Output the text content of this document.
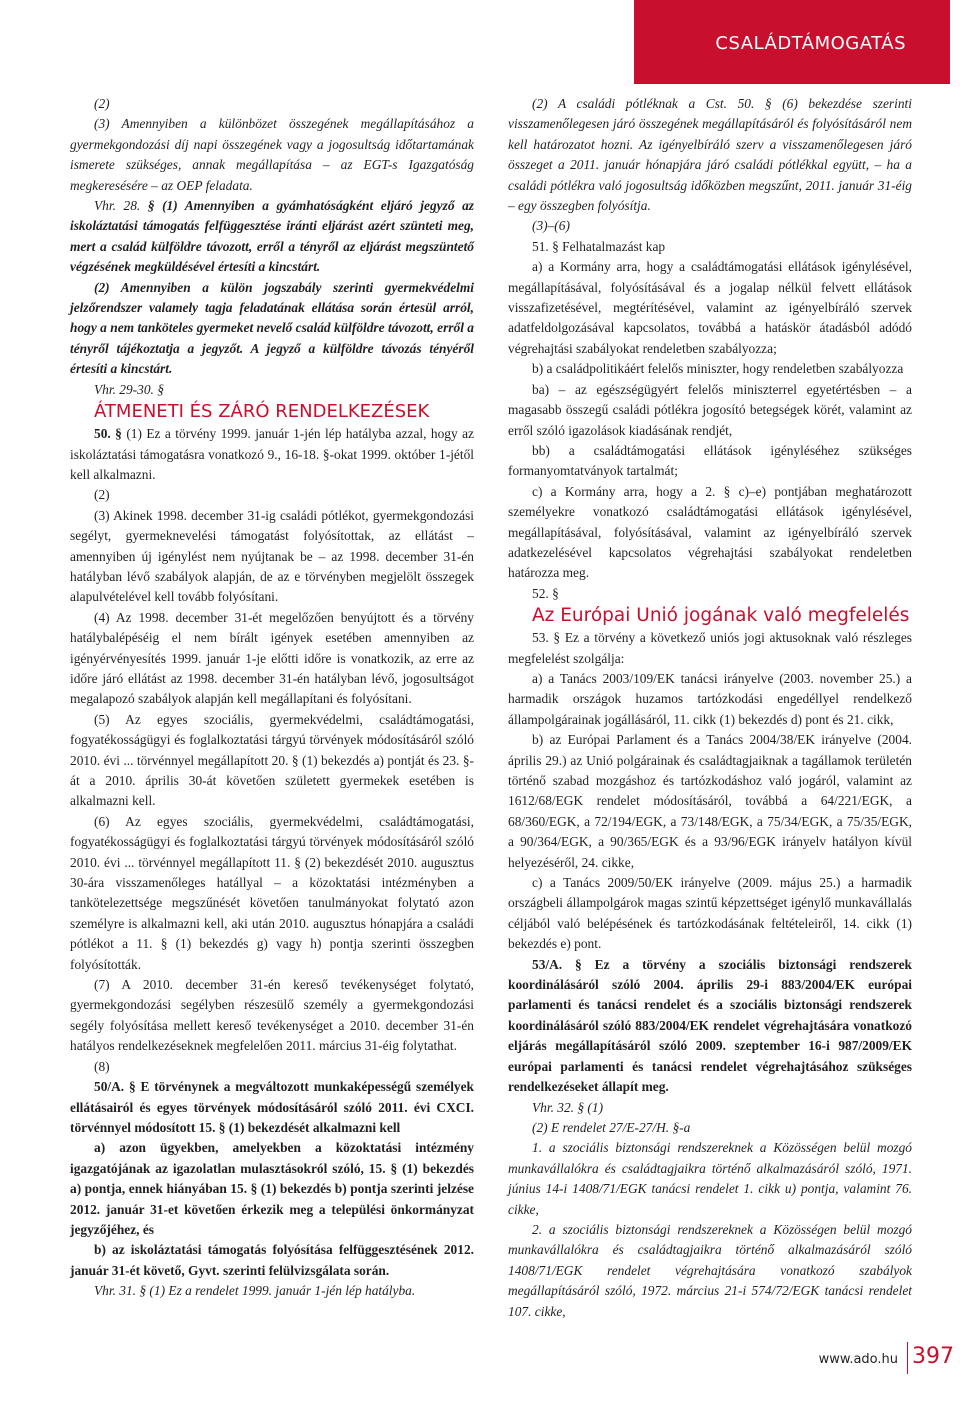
CSALÁDTÁMOGATÁS

(2)

(3) Amennyiben a különbözet összegének megállapításához a gyermekgondozási díj napi összegének vagy a jogosultság időtartamának ismerete szükséges, annak megállapítása – az EGT-s Igazgatóság megkeresésére – az OEP feladata.

Vhr. 28. § (1) Amennyiben a gyámhatóságként eljáró jegyző az iskoláztatási támogatás felfüggesztése iránti eljárást azért szünteti meg, mert a család külföldre távozott, erről a tényről az eljárást megszüntető végzésének megküldésével értesíti a kincstárt.

(2) Amennyiben a külön jogszabály szerinti gyermekvédelmi jelzőrendszer valamely tagja feladatának ellátása során értesül arról, hogy a nem tanköteles gyermeket nevelő család külföldre távozott, erről a tényről tájékoztatja a jegyzőt. A jegyző a külföldre távozás tényéről értesíti a kincstárt.

Vhr. 29-30. §

ÁTMENETI ÉS ZÁRÓ RENDELKEZÉSEK

50. § (1) Ez a törvény 1999. január 1-jén lép hatályba azzal, hogy az iskoláztatási támogatásra vonatkozó 9., 16-18. §-okat 1999. október 1-jétől kell alkalmazni.

(2)

(3) Akinek 1998. december 31-ig családi pótlékot, gyermekgondozási segélyt, gyermeknevelési támogatást folyósítottak, az ellátást – amennyiben új igénylést nem nyújtanak be – az 1998. december 31-én hatályban lévő szabályok alapján, de az e törvényben megjelölt összegek alapulvételével kell tovább folyósítani.

(4) Az 1998. december 31-ét megelőzően benyújtott és a törvény hatálybalépéséig el nem bírált igények esetében amennyiben az igényérvényesítés 1999. január 1-je előtti időre is vonatkozik, az erre az időre járó ellátást az 1998. december 31-én hatályban lévő, jogosultságot megalapozó szabályok alapján kell megállapítani és folyósítani.

(5) Az egyes szociális, gyermekvédelmi, családtámogatási, fogyatékosságügyi és foglalkoztatási tárgyú törvények módosításáról szóló 2010. évi ... törvénnyel megállapított 20. § (1) bekezdés a) pontját és 23. §-át a 2010. április 30-át követően született gyermekek esetében is alkalmazni kell.

(6) Az egyes szociális, gyermekvédelmi, családtámogatási, fogyatékosságügyi és foglalkoztatási tárgyú törvények módosításáról szóló 2010. évi ... törvénnyel megállapított 11. § (2) bekezdését 2010. augusztus 30-ára visszamenőleges hatállyal – a közoktatási intézményben a tankötelezettsége megszűnését követően tanulmányokat folytató azon személyre is alkalmazni kell, aki után 2010. augusztus hónapjára a családi pótlékot a 11. § (1) bekezdés g) vagy h) pontja szerinti összegben folyósították.

(7) A 2010. december 31-én kereső tevékenységet folytató, gyermekgondozási segélyben részesülő személy a gyermekgondozási segély folyósítása mellett kereső tevékenységet a 2010. december 31-én hatályos rendelkezéseknek megfelelően 2011. március 31-éig folytathat.

(8)

50/A. § E törvénynek a megváltozott munkaképességű személyek ellátásairól és egyes törvények módosításáról szóló 2011. évi CXCI. törvénnyel módosított 15. § (1) bekezdését alkalmazni kell

a) azon ügyekben, amelyekben a közoktatási intézmény igazgatójának az igazolatlan mulasztásokról szóló, 15. § (1) bekezdés a) pontja, ennek hiányában 15. § (1) bekezdés b) pontja szerinti jelzése 2012. január 31-et követően érkezik meg a települési önkormányzat jegyzőjéhez, és

b) az iskoláztatási támogatás folyósítása felfüggesztésének 2012. január 31-ét követő, Gyvt. szerinti felülvizsgálata során.

Vhr. 31. § (1) Ez a rendelet 1999. január 1-jén lép hatályba.

(2) A családi pótléknak a Cst. 50. § (6) bekezdése szerinti visszamenőlegesen járó összegének megállapításáról és folyósításáról nem kell határozatot hozni. Az igényelbíráló szerv a visszamenőlegesen járó összeget a 2011. január hónapjára járó családi pótlékkal együtt, – ha a családi pótlékra való jogosultság időközben megszűnt, 2011. január 31-éig – egy összegben folyósítja.

(3)–(6)

51. § Felhatalmazást kap

a) a Kormány arra, hogy a családtámogatási ellátások igénylésével, megállapításával, folyósításával és a jogalap nélkül felvett ellátások visszafizetésével, megtérítésével, valamint az igényelbíráló szervek adatfeldolgozásával kapcsolatos, továbbá a hatáskör átadásból adódó végrehajtási szabályokat rendeletben szabályozza;

b) a családpolitikáért felelős miniszter, hogy rendeletben szabályozza

ba) – az egészségügyért felelős miniszterrel egyetértésben – a magasabb összegű családi pótlékra jogosító betegségek körét, valamint az erről szóló igazolások kiadásának rendjét,

bb) a családtámogatási ellátások igényléséhez szükséges formanyomtatványok tartalmát;

c) a Kormány arra, hogy a 2. § c)–e) pontjában meghatározott személyekre vonatkozó családtámogatási ellátások igénylésével, megállapításával, folyósításával, valamint az igényelbíráló szervek adatkezelésével kapcsolatos végrehajtási szabályokat rendeletben határozza meg.

52. §

Az Európai Unió jogának való megfelelés

53. § Ez a törvény a következő uniós jogi aktusoknak való részleges megfelelést szolgálja:

a) a Tanács 2003/109/EK tanácsi irányelve (2003. november 25.) a harmadik országok huzamos tartózkodási engedéllyel rendelkező állampolgárainak jogállásáról, 11. cikk (1) bekezdés d) pont és 21. cikk,

b) az Európai Parlament és a Tanács 2004/38/EK irányelve (2004. április 29.) az Unió polgárainak és családtagjaiknak a tagállamok területén történő szabad mozgáshoz és tartózkodáshoz való jogáról, valamint az 1612/68/EGK rendelet módosításáról, továbbá a 64/221/EGK, a 68/360/EGK, a 72/194/EGK, a 73/148/EGK, a 75/34/EGK, a 75/35/EGK, a 90/364/EGK, a 90/365/EGK és a 93/96/EGK irányelv hatályon kívül helyezéséről, 24. cikke,

c) a Tanács 2009/50/EK irányelve (2009. május 25.) a harmadik országbeli állampolgárok magas szintű képzettséget igénylő munkavállalás céljából való belépésének és tartózkodásának feltételeiről, 14. cikk (1) bekezdés e) pont.

53/A. § Ez a törvény a szociális biztonsági rendszerek koordinálásáról szóló 2004. április 29-i 883/2004/EK európai parlamenti és tanácsi rendelet és a szociális biztonsági rendszerek koordinálásáról szóló 883/2004/EK rendelet végrehajtására vonatkozó eljárás megállapításáról szóló 2009. szeptember 16-i 987/2009/EK európai parlamenti és tanácsi rendelet végrehajtásához szükséges rendelkezéseket állapít meg.

Vhr. 32. § (1)

(2) E rendelet 27/E-27/H. §-a

1. a szociális biztonsági rendszereknek a Közösségen belül mozgó munkavállalókra és családtagjaikra történő alkalmazásáról szóló, 1971. június 14-i 1408/71/EGK tanácsi rendelet 1. cikk u) pontja, valamint 76. cikke,

2. a szociális biztonsági rendszereknek a Közösségen belül mozgó munkavállalókra és családtagjaikra történő alkalmazásáról szóló 1408/71/EGK rendelet végrehajtására vonatkozó szabályok megállapításáról szóló, 1972. március 21-i 574/72/EGK tanácsi rendelet 107. cikke,

www.ado.hu 397
